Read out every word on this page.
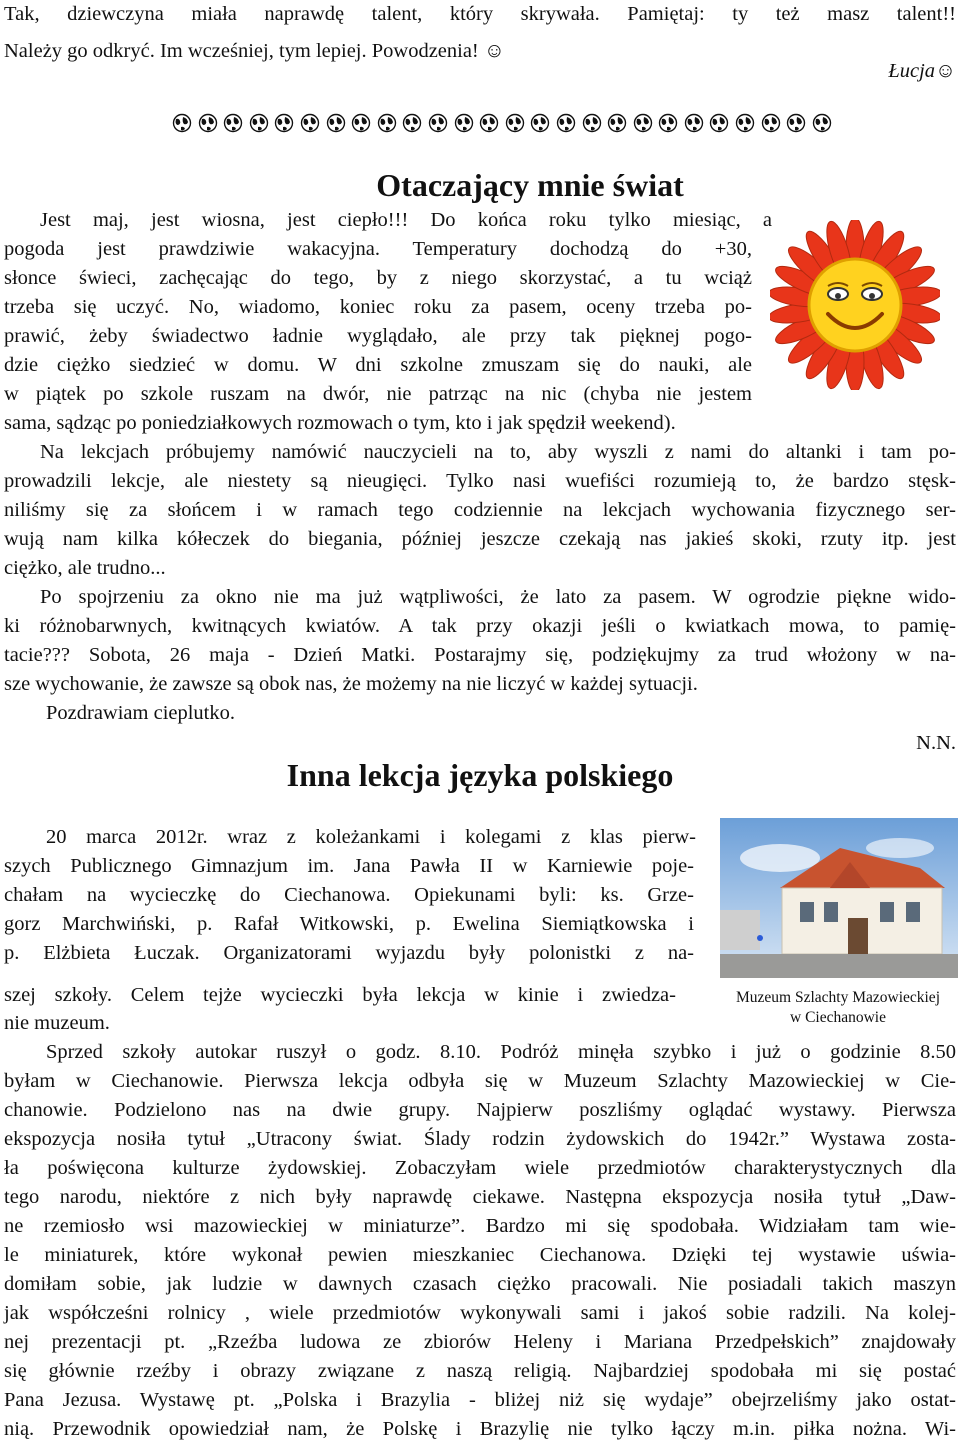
Tak, dziewczyna miała naprawdę talent, który skrywała. Pamiętaj: ty też masz talent!!
Należy go odkryć. Im wcześniej, tym lepiej. Powodzenia! ☺
Łucja☺
Otaczający mnie świat
Jest maj, jest wiosna, jest ciepło!!! Do końca roku tylko miesiąc, a
pogoda jest prawdziwie wakacyjna. Temperatury dochodzą do +30,
słonce świeci, zachęcając do tego, by z niego skorzystać, a tu wciąż
trzeba się uczyć. No, wiadomo, koniec roku za pasem, oceny trzeba po-
prawić, żeby świadectwo ładnie wyglądało, ale przy tak pięknej pogo-
dzie ciężko siedzieć w domu. W dni szkolne zmuszam się do nauki, ale
w piątek po szkole ruszam na dwór, nie patrząc na nic (chyba nie jestem
sama, sądząc po poniedziałkowych rozmowach o tym, kto i jak spędził weekend).
Na lekcjach próbujemy namówić nauczycieli na to, aby wyszli z nami do altanki i tam po-
prowadzili lekcje, ale niestety są nieugięci. Tylko nasi wuefiści rozumieją to, że bardzo stęsk-
niliśmy się za słońcem i w ramach tego codziennie na lekcjach wychowania fizycznego ser-
wują nam kilka kółeczek do biegania, później jeszcze czekają nas jakieś skoki, rzuty itp. jest
ciężko, ale trudno...
Po spojrzeniu za okno nie ma już wątpliwości, że lato za pasem. W ogrodzie piękne wido-
ki różnobarwnych, kwitnących kwiatów. A tak przy okazji jeśli o kwiatkach mowa, to pamię-
tacie??? Sobota, 26 maja - Dzień Matki. Postarajmy się, podziękujmy za trud włożony w na-
sze wychowanie, że zawsze są obok nas, że możemy na nie liczyć w każdej sytuacji.
Pozdrawiam cieplutko.
N.N.
Inna lekcja języka polskiego
20 marca 2012r. wraz z koleżankami i kolegami z klas pierw-
szych Publicznego Gimnazjum im. Jana Pawła II w Karniewie poje-
chałam na wycieczkę do Ciechanowa. Opiekunami byli: ks. Grze-
gorz Marchwiński, p. Rafał Witkowski, p. Ewelina Siemiątkowska i
p. Elżbieta Łuczak. Organizatorami wyjazdu były polonistki z na-
szej szkoły. Celem tejże wycieczki była lekcja w kinie i zwiedza-
nie muzeum.
Sprzed szkoły autokar ruszył o godz. 8.10. Podróż minęła szybko i już o godzinie 8.50
byłam w Ciechanowie. Pierwsza lekcja odbyła się w Muzeum Szlachty Mazowieckiej w Cie-
chanowie. Podzielono nas na dwie grupy. Najpierw poszliśmy oglądać wystawy. Pierwsza
ekspozycja nosiła tytuł „Utracony świat. Ślady rodzin żydowskich do 1942r.” Wystawa zosta-
ła poświęcona kulturze żydowskiej. Zobaczyłam wiele przedmiotów charakterystycznych dla
tego narodu, niektóre z nich były naprawdę ciekawe. Następna ekspozycja nosiła tytuł „Daw-
ne rzemiosło wsi mazowieckiej w miniaturze”. Bardzo mi się spodobała. Widziałam tam wie-
le miniaturek, które wykonał pewien mieszkaniec Ciechanowa. Dzięki tej wystawie uświa-
domiłam sobie, jak ludzie w dawnych czasach ciężko pracowali. Nie posiadali takich maszyn
jak współcześni rolnicy , wiele przedmiotów wykonywali sami i jakoś sobie radzili. Na kolej-
nej prezentacji pt. „Rzeźba ludowa ze zbiorów Heleny i Mariana Przedpełskich” znajdowały
się głównie rzeźby i obrazy związane z naszą religią. Najbardziej spodobała mi się postać
Pana Jezusa. Wystawę pt. „Polska i Brazylia - bliżej niż się wydaje” obejrzeliśmy jako ostat-
nią. Przewodnik opowiedział nam, że Polskę i Brazylię nie tylko łączy m.in. piłka nożna. Wi-
Muzeum Szlachty Mazowieckiej
w Ciechanowie
